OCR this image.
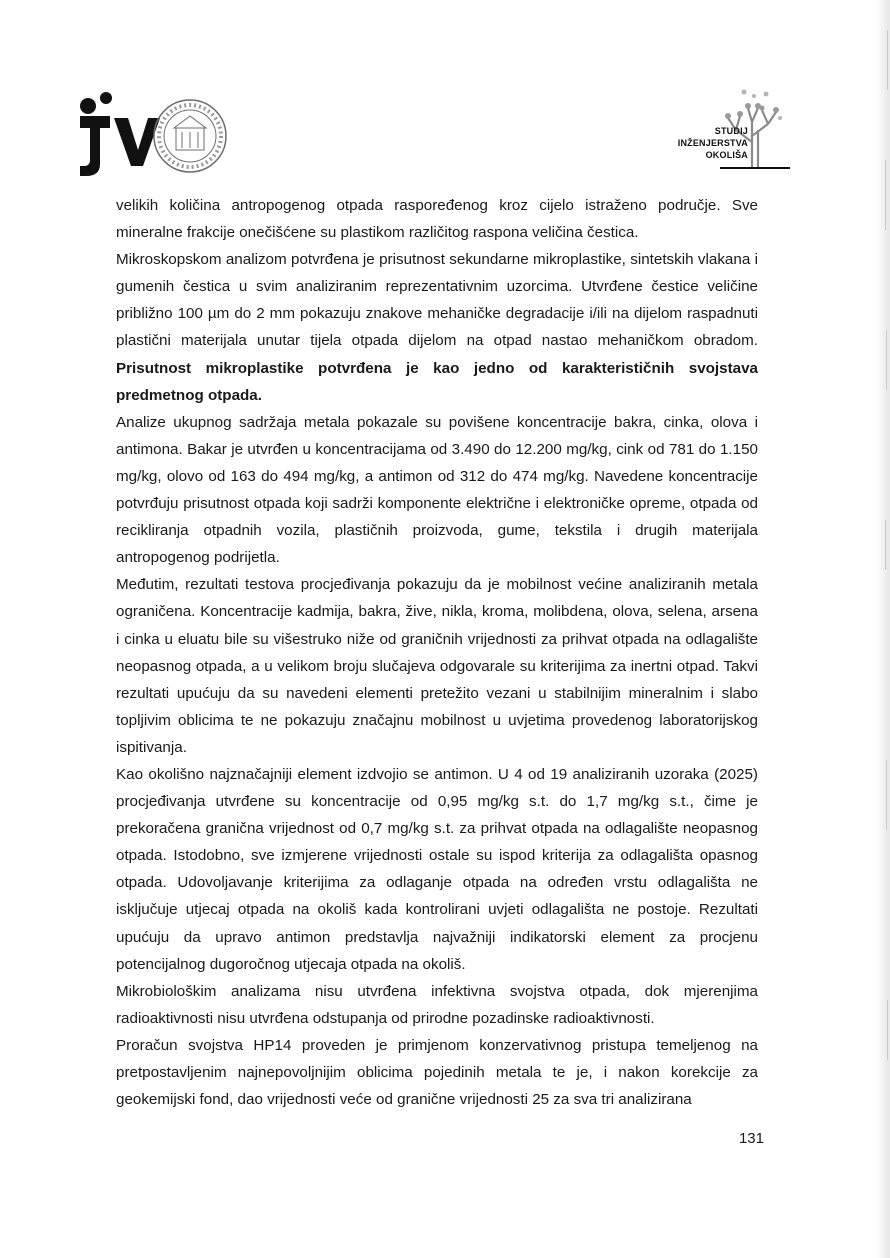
STUDIJ
INŽENJERSTVA
OKOLIŠA

velikih količina antropogenog otpada raspoređenog kroz cijelo istraženo područje. Sve mineralne frakcije onečišćene su plastikom različitog raspona veličina čestica.

Mikroskopskom analizom potvrđena je prisutnost sekundarne mikroplastike, sintetskih vlakana i gumenih čestica u svim analiziranim reprezentativnim uzorcima. Utvrđene čestice veličine približno 100 µm do 2 mm pokazuju znakove mehaničke degradacije i/ili na dijelom raspadnuti plastični materijala unutar tijela otpada dijelom na otpad nastao mehaničkom obradom. Prisutnost mikroplastike potvrđena je kao jedno od karakterističnih svojstava predmetnog otpada.

Analize ukupnog sadržaja metala pokazale su povišene koncentracije bakra, cinka, olova i antimona. Bakar je utvrđen u koncentracijama od 3.490 do 12.200 mg/kg, cink od 781 do 1.150 mg/kg, olovo od 163 do 494 mg/kg, a antimon od 312 do 474 mg/kg. Navedene koncentracije potvrđuju prisutnost otpada koji sadrži komponente električne i elektroničke opreme, otpada od recikliranja otpadnih vozila, plastičnih proizvoda, gume, tekstila i drugih materijala antropogenog podrijetla.

Međutim, rezultati testova procjeđivanja pokazuju da je mobilnost većine analiziranih metala ograničena. Koncentracije kadmija, bakra, žive, nikla, kroma, molibdena, olova, selena, arsena i cinka u eluatu bile su višestruko niže od graničnih vrijednosti za prihvat otpada na odlagalište neopasnog otpada, a u velikom broju slučajeva odgovarale su kriterijima za inertni otpad. Takvi rezultati upućuju da su navedeni elementi pretežito vezani u stabilnijim mineralnim i slabo topljivim oblicima te ne pokazuju značajnu mobilnost u uvjetima provedenog laboratorijskog ispitivanja.

Kao okolišno najznačajniji element izdvojio se antimon. U 4 od 19 analiziranih uzoraka (2025) procjeđivanja utvrđene su koncentracije od 0,95 mg/kg s.t. do 1,7 mg/kg s.t., čime je prekoračena granična vrijednost od 0,7 mg/kg s.t. za prihvat otpada na odlagalište neopasnog otpada. Istodobno, sve izmjerene vrijednosti ostale su ispod kriterija za odlagališta opasnog otpada. Udovoljavanje kriterijima za odlaganje otpada na određen vrstu odlagališta ne isključuje utjecaj otpada na okoliš kada kontrolirani uvjeti odlagališta ne postoje. Rezultati upućuju da upravo antimon predstavlja najvažniji indikatorski element za procjenu potencijalnog dugoročnog utjecaja otpada na okoliš.

Mikrobiološkim analizama nisu utvrđena infektivna svojstva otpada, dok mjerenjima radioaktivnosti nisu utvrđena odstupanja od prirodne pozadinske radioaktivnosti.

Proračun svojstva HP14 proveden je primjenom konzervativnog pristupa temeljenog na pretpostavljenim najnepovoljnijim oblicima pojedinih metala te je, i nakon korekcije za geokemijski fond, dao vrijednosti veće od granične vrijednosti 25 za sva tri analizirana

131
